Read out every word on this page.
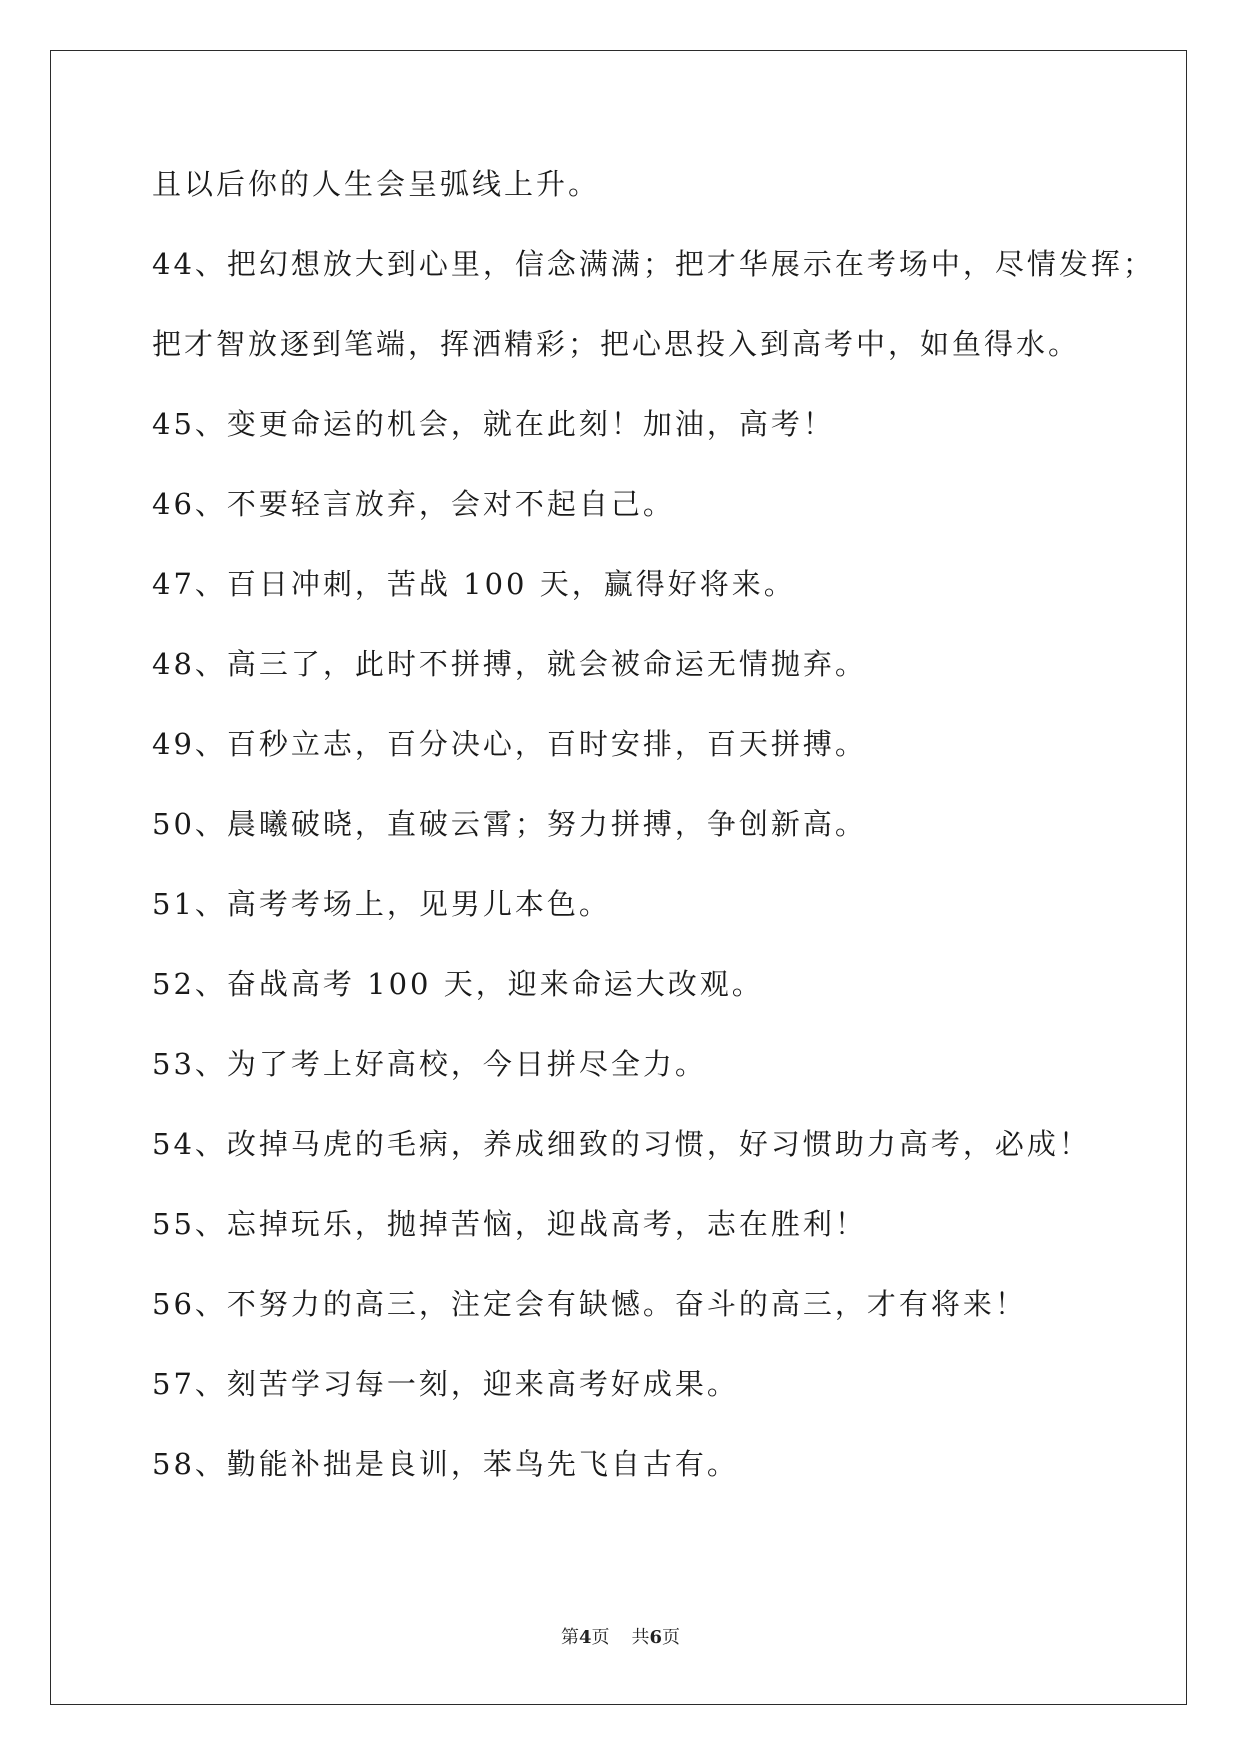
且以后你的人生会呈弧线上升。

44、把幻想放大到心里，信念满满；把才华展示在考场中，尽情发挥；

把才智放逐到笔端，挥洒精彩；把心思投入到高考中，如鱼得水。

45、变更命运的机会，就在此刻！加油，高考！

46、不要轻言放弃，会对不起自己。

47、百日冲刺，苦战 100 天，赢得好将来。

48、高三了，此时不拼搏，就会被命运无情抛弃。

49、百秒立志，百分决心，百时安排，百天拼搏。

50、晨曦破晓，直破云霄；努力拼搏，争创新高。

51、高考考场上，见男儿本色。

52、奋战高考 100 天，迎来命运大改观。

53、为了考上好高校，今日拼尽全力。

54、改掉马虎的毛病，养成细致的习惯，好习惯助力高考，必成！

55、忘掉玩乐，抛掉苦恼，迎战高考，志在胜利！

56、不努力的高三，注定会有缺憾。奋斗的高三，才有将来！

57、刻苦学习每一刻，迎来高考好成果。

58、勤能补拙是良训，苯鸟先飞自古有。

第4页 共6页
